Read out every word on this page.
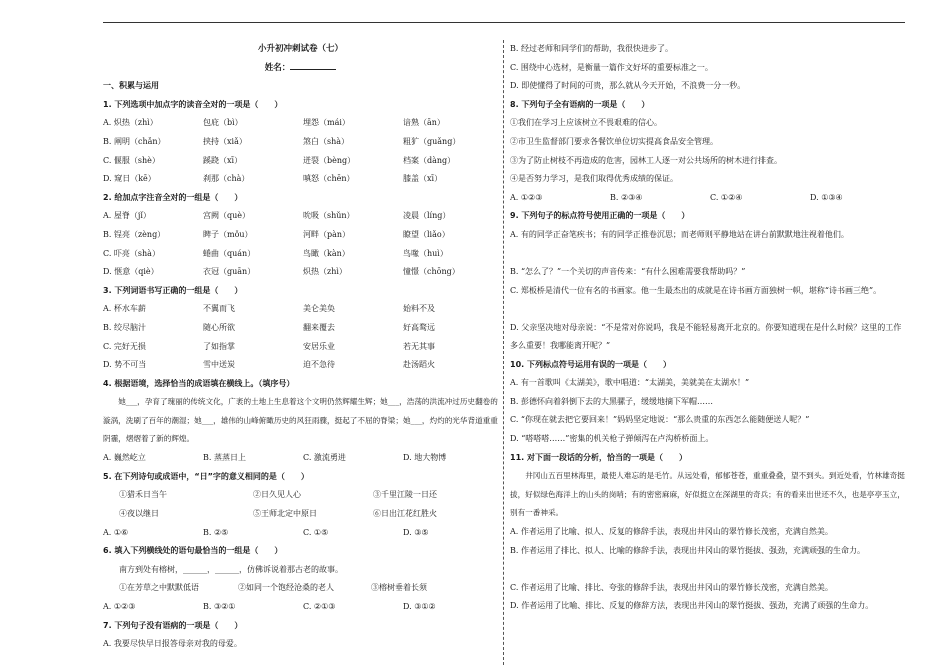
小升初冲刺试卷（七）
姓名：
一、积累与运用
1. 下列选项中加点字的读音全对的一项是（　　）
A. 炽热（zhì）	包庇（bì）	埋怨（mái）	谙熟（ān）
B. 阐明（chǎn）	挟持（xiǎ）	煞白（shà）	粗犷（guǎng）
C. 偃服（shè）	蹊跷（xī）	迸裂（bèng）	档案（dàng）
D. 窥日（kē）	刹那（chà）	嗔怒（chēn）	膝盖（xī）
2. 给加点字注音全对的一组是（　　）
A. 屋脊（jǐ）	宫阙（què）	吮吸（shǔn）	凌晨（líng）
B. 锃亮（zèng）	睥子（mǒu）	河畔（pàn）	瞭望（liǎo）
C. 吓亮（shà）	蜷曲（quán）	鸟瞰（kàn）	鸟喙（huì）
D. 惬意（qiè）	衣冠（guān）	炽热（zhì）	憧憬（chōng）
3. 下列词语书写正确的一组是（　　）
A. 杯水车薪	不翼而飞	美仑美奂	始料不及
B. 绞尽脑汁	随心所欲	翻来覆去	好高鹜远
C. 完好无损	了如指掌	安居乐业	若无其事
D. 势不可当	雪中送炭	迫不急待	赴汤蹈火
4. 根据语境，选择恰当的成语填在横线上。（填序号）
她___，孕育了瑰丽的传统文化，广袤的土地上生息着这个文明仍然辉耀生辉；她___，浩荡的洪流冲过历史翻卷的漩涡，洗刷了百年的潮湿；她___，雄伟的山峰俯瞰历史的风狂雨骤，挺起了不屈的脊梁；她___，灼灼的光华背道重重阴霾，熠熠着了新的辉煌。
A. 巍然屹立	B. 蒸蒸日上	C. 激流勇进	D. 地大物博
5. 在下列诗句或成语中，“日”字的意义相同的是（　　）
①猎禾日当午	②日久见人心	③千里江陵一日还
④夜以继日	⑤王师北定中原日	⑥日出江花红胜火
A. ①⑥	B. ②⑤	C. ①⑤	D. ③⑤
6. 填入下列横线处的语句最恰当的一组是（　　）
南方到处有榕树，______，______，仿佛诉说着那古老的故事。
①在芳草之中默默低语	②如同一个饱经沧桑的老人	③榕树垂着长须
A. ①②③	B. ③②①	C. ②①③	D. ③①②
7. 下列句子没有语病的一项是（　　）
A. 我要尽快早日报答母亲对我的母爱。
B. 经过老师和同学们的帮助，我很快进步了。
C. 围绕中心选材，是衡量一篇作文好坏的重要标准之一。
D. 即使懂得了时间的可贵，那么就从今天开始，不浪费一分一秒。
8. 下列句子全有语病的一项是（　　）
①我们在学习上应该树立不畏艰难的信心。
②市卫生监督部门要求各餐饮单位切实提高食品安全管理。
③为了防止树枝不再造成的危害，园林工人逐一对公共场所的树木进行排查。
④是否努力学习，是我们取得优秀成绩的保证。
A. ①②③	B. ②③④	C. ①②④	D. ①③④
9. 下列句子的标点符号使用正确的一项是（　　）
A. 有的同学正奋笔疾书；有的同学正推卷沉思；而老师则平静地站在讲台前默默地注视着他们。
B. “怎么了？”一个关切的声音传来：“有什么困难需要我帮助吗？”
C. 郑板桥是清代一位有名的书画家。他一生最杰出的成就是在诗书画方面独树一帜，堪称“诗书画三绝”。
D. 父亲坚决地对母亲说：“不是常对你说吗，我是不能轻易离开北京的。你要知道现在是什么时候？这里的工作多么重要！我哪能离开呢？”
10. 下列标点符号运用有误的一项是（　　）
A. 有一首歌叫《太湖美》，歌中唱道：“太湖美，美就美在太湖水！”
B. 彭德怀向着斜倒下去的大黑骡子，缓缓地摘下军帽……
C. “你现在就去把它要回来！”妈妈坚定地说：“那么贵重的东西怎么能随便送人呢？”
D. “嗒嗒嗒……”密集的机关枪子弹倾泻在卢沟桥桥面上。
11. 对下面一段话的分析，恰当的一项是（　　）
井冈山五百里林海里，最使人难忘的是毛竹。从远处看，郁郁苍苍，重重叠叠，望不到头。到近处看，竹林雄奇挺拔，好似绿色海洋上的山头的岗哨；有的密密麻麻，好似挺立在深湖里的奇兵；有的看来出世还不久，也是亭亭玉立，别有一番神采。
A. 作者运用了比喻、拟人、反复的修辞手法，表现出井冈山的翠竹修长茂密，充满自然美。
B. 作者运用了排比、拟人、比喻的修辞手法，表现出井冈山的翠竹挺拔、强劲，充满顽强的生命力。
C. 作者运用了比喻、排比、夸张的修辞手法，表现出井冈山的翠竹修长茂密，充满自然美。
D. 作者运用了比喻、排比、反复的修辞方法，表现出井冈山的翠竹挺拔、强劲，充满了顽强的生命力。
